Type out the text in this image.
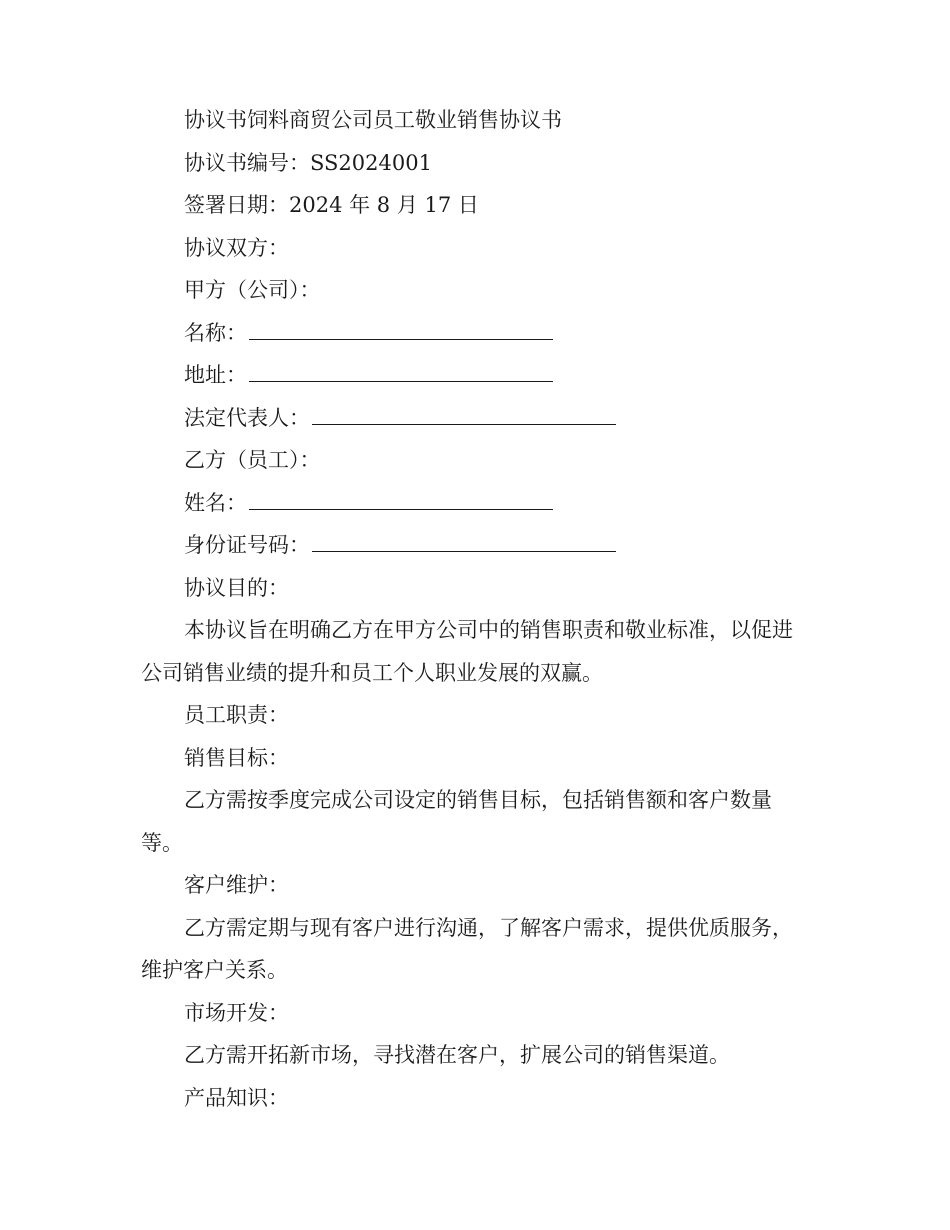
协议书饲料商贸公司员工敬业销售协议书
协议书编号：SS2024001
签署日期：2024 年 8 月 17 日
协议双方：
甲方（公司）：
名称：
地址：
法定代表人：
乙方（员工）：
姓名：
身份证号码：
协议目的：
本协议旨在明确乙方在甲方公司中的销售职责和敬业标准，以促进公司销售业绩的提升和员工个人职业发展的双赢。
员工职责：
销售目标：
乙方需按季度完成公司设定的销售目标，包括销售额和客户数量等。
客户维护：
乙方需定期与现有客户进行沟通，了解客户需求，提供优质服务，维护客户关系。
市场开发：
乙方需开拓新市场，寻找潜在客户，扩展公司的销售渠道。
产品知识：
